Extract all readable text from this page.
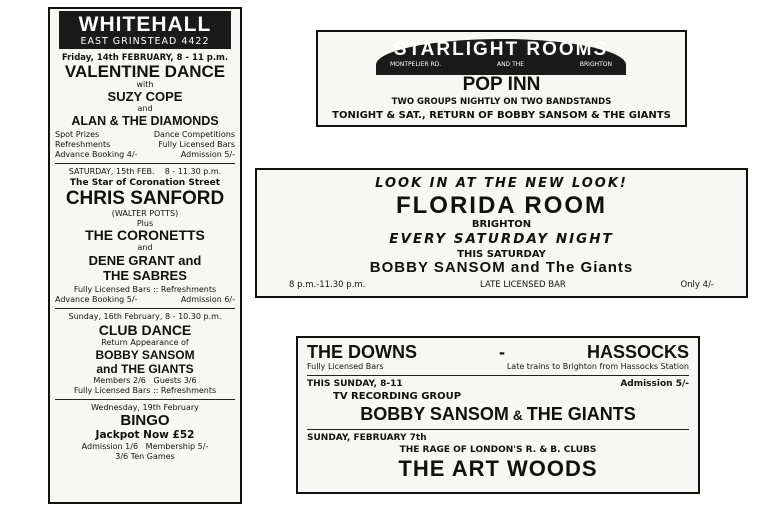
WHITEHALL
EAST GRINSTEAD 4422
Friday, 14th FEBRUARY, 8 - 11 p.m.
VALENTINE DANCE
with
SUZY COPE
and
ALAN & THE DIAMONDS
Spot Prizes	Dance Competitions
Refreshments	Fully Licensed Bars
Advance Booking 4/-	Admission 5/-
SATURDAY, 15th FEB.    8 - 11.30 p.m.
The Star of Coronation Street
CHRIS SANFORD
(WALTER POTTS)
Plus
THE CORONETTS
and
DENE GRANT and
THE SABRES
Fully Licensed Bars :: Refreshments
Advance Booking 5/-	Admission 6/-
Sunday, 16th February, 8 - 10.30 p.m.
CLUB DANCE
Return Appearance of
BOBBY SANSOM
and THE GIANTS
Members 2/6   Guests 3/6
Fully Licensed Bars :: Refreshments
Wednesday, 19th February
BINGO
Jackpot Now £52
Admission 1/6   Membership 5/-
3/6 Ten Games
STARLIGHT ROOMS
MONTPELIER RD.	AND THE	BRIGHTON
POP INN
TWO GROUPS NIGHTLY ON TWO BANDSTANDS
TONIGHT & SAT., RETURN OF BOBBY SANSOM & THE GIANTS
LOOK IN AT THE NEW LOOK!
FLORIDA ROOM
BRIGHTON
EVERY SATURDAY NIGHT
THIS SATURDAY
BOBBY SANSOM and The Giants
8 p.m.-11.30 p.m.	LATE LICENSED BAR	Only 4/-
THE DOWNS	-	HASSOCKS
Fully Licensed Bars	Late trains to Brighton from Hassocks Station
THIS SUNDAY, 8-11	Admission 5/-
TV RECORDING GROUP
BOBBY SANSOM & THE GIANTS
SUNDAY, FEBRUARY 7th
THE RAGE OF LONDON'S R. & B. CLUBS
THE ART WOODS
